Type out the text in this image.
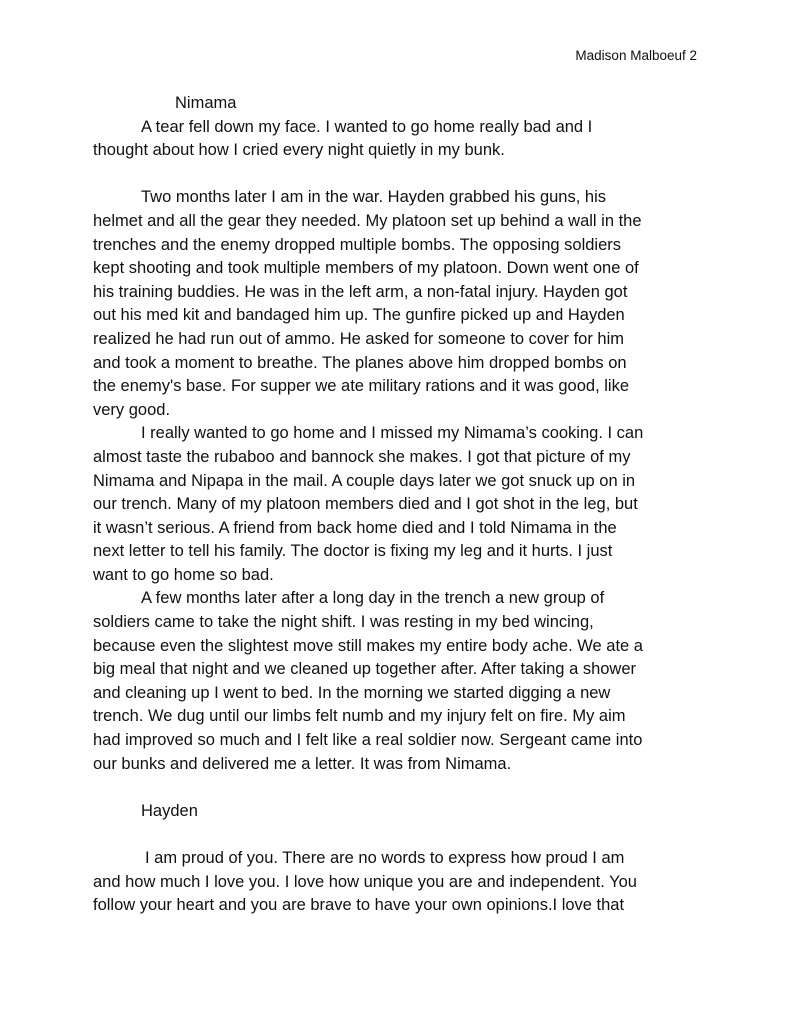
Madison Malboeuf 2
Nimama

A tear fell down my face. I wanted to go home really bad and I
thought about how I cried every night quietly in my bunk.

Two months later I am in the war. Hayden grabbed his guns, his
helmet and all the gear they needed. My platoon set up behind a wall in the
trenches and the enemy dropped multiple bombs. The opposing soldiers
kept shooting and took multiple members of my platoon. Down went one of
his training buddies. He was in the left arm, a non-fatal injury. Hayden got
out his med kit and bandaged him up. The gunfire picked up and Hayden
realized he had run out of ammo. He asked for someone to cover for him
and took a moment to breathe. The planes above him dropped bombs on
the enemy's base. For supper we ate military rations and it was good, like
very good.

I really wanted to go home and I missed my Nimama’s cooking. I can
almost taste the rubaboo and bannock she makes. I got that picture of my
Nimama and Nipapa in the mail. A couple days later we got snuck up on in
our trench. Many of my platoon members died and I got shot in the leg, but
it wasn’t serious. A friend from back home died and I told Nimama in the
next letter to tell his family. The doctor is fixing my leg and it hurts. I just
want to go home so bad.

A few months later after a long day in the trench a new group of
soldiers came to take the night shift. I was resting in my bed wincing,
because even the slightest move still makes my entire body ache. We ate a
big meal that night and we cleaned up together after. After taking a shower
and cleaning up I went to bed. In the morning we started digging a new
trench. We dug until our limbs felt numb and my injury felt on fire. My aim
had improved so much and I felt like a real soldier now. Sergeant came into
our bunks and delivered me a letter. It was from Nimama.

Hayden

I am proud of you. There are no words to express how proud I am
and how much I love you. I love how unique you are and independent. You
follow your heart and you are brave to have your own opinions.I love that
